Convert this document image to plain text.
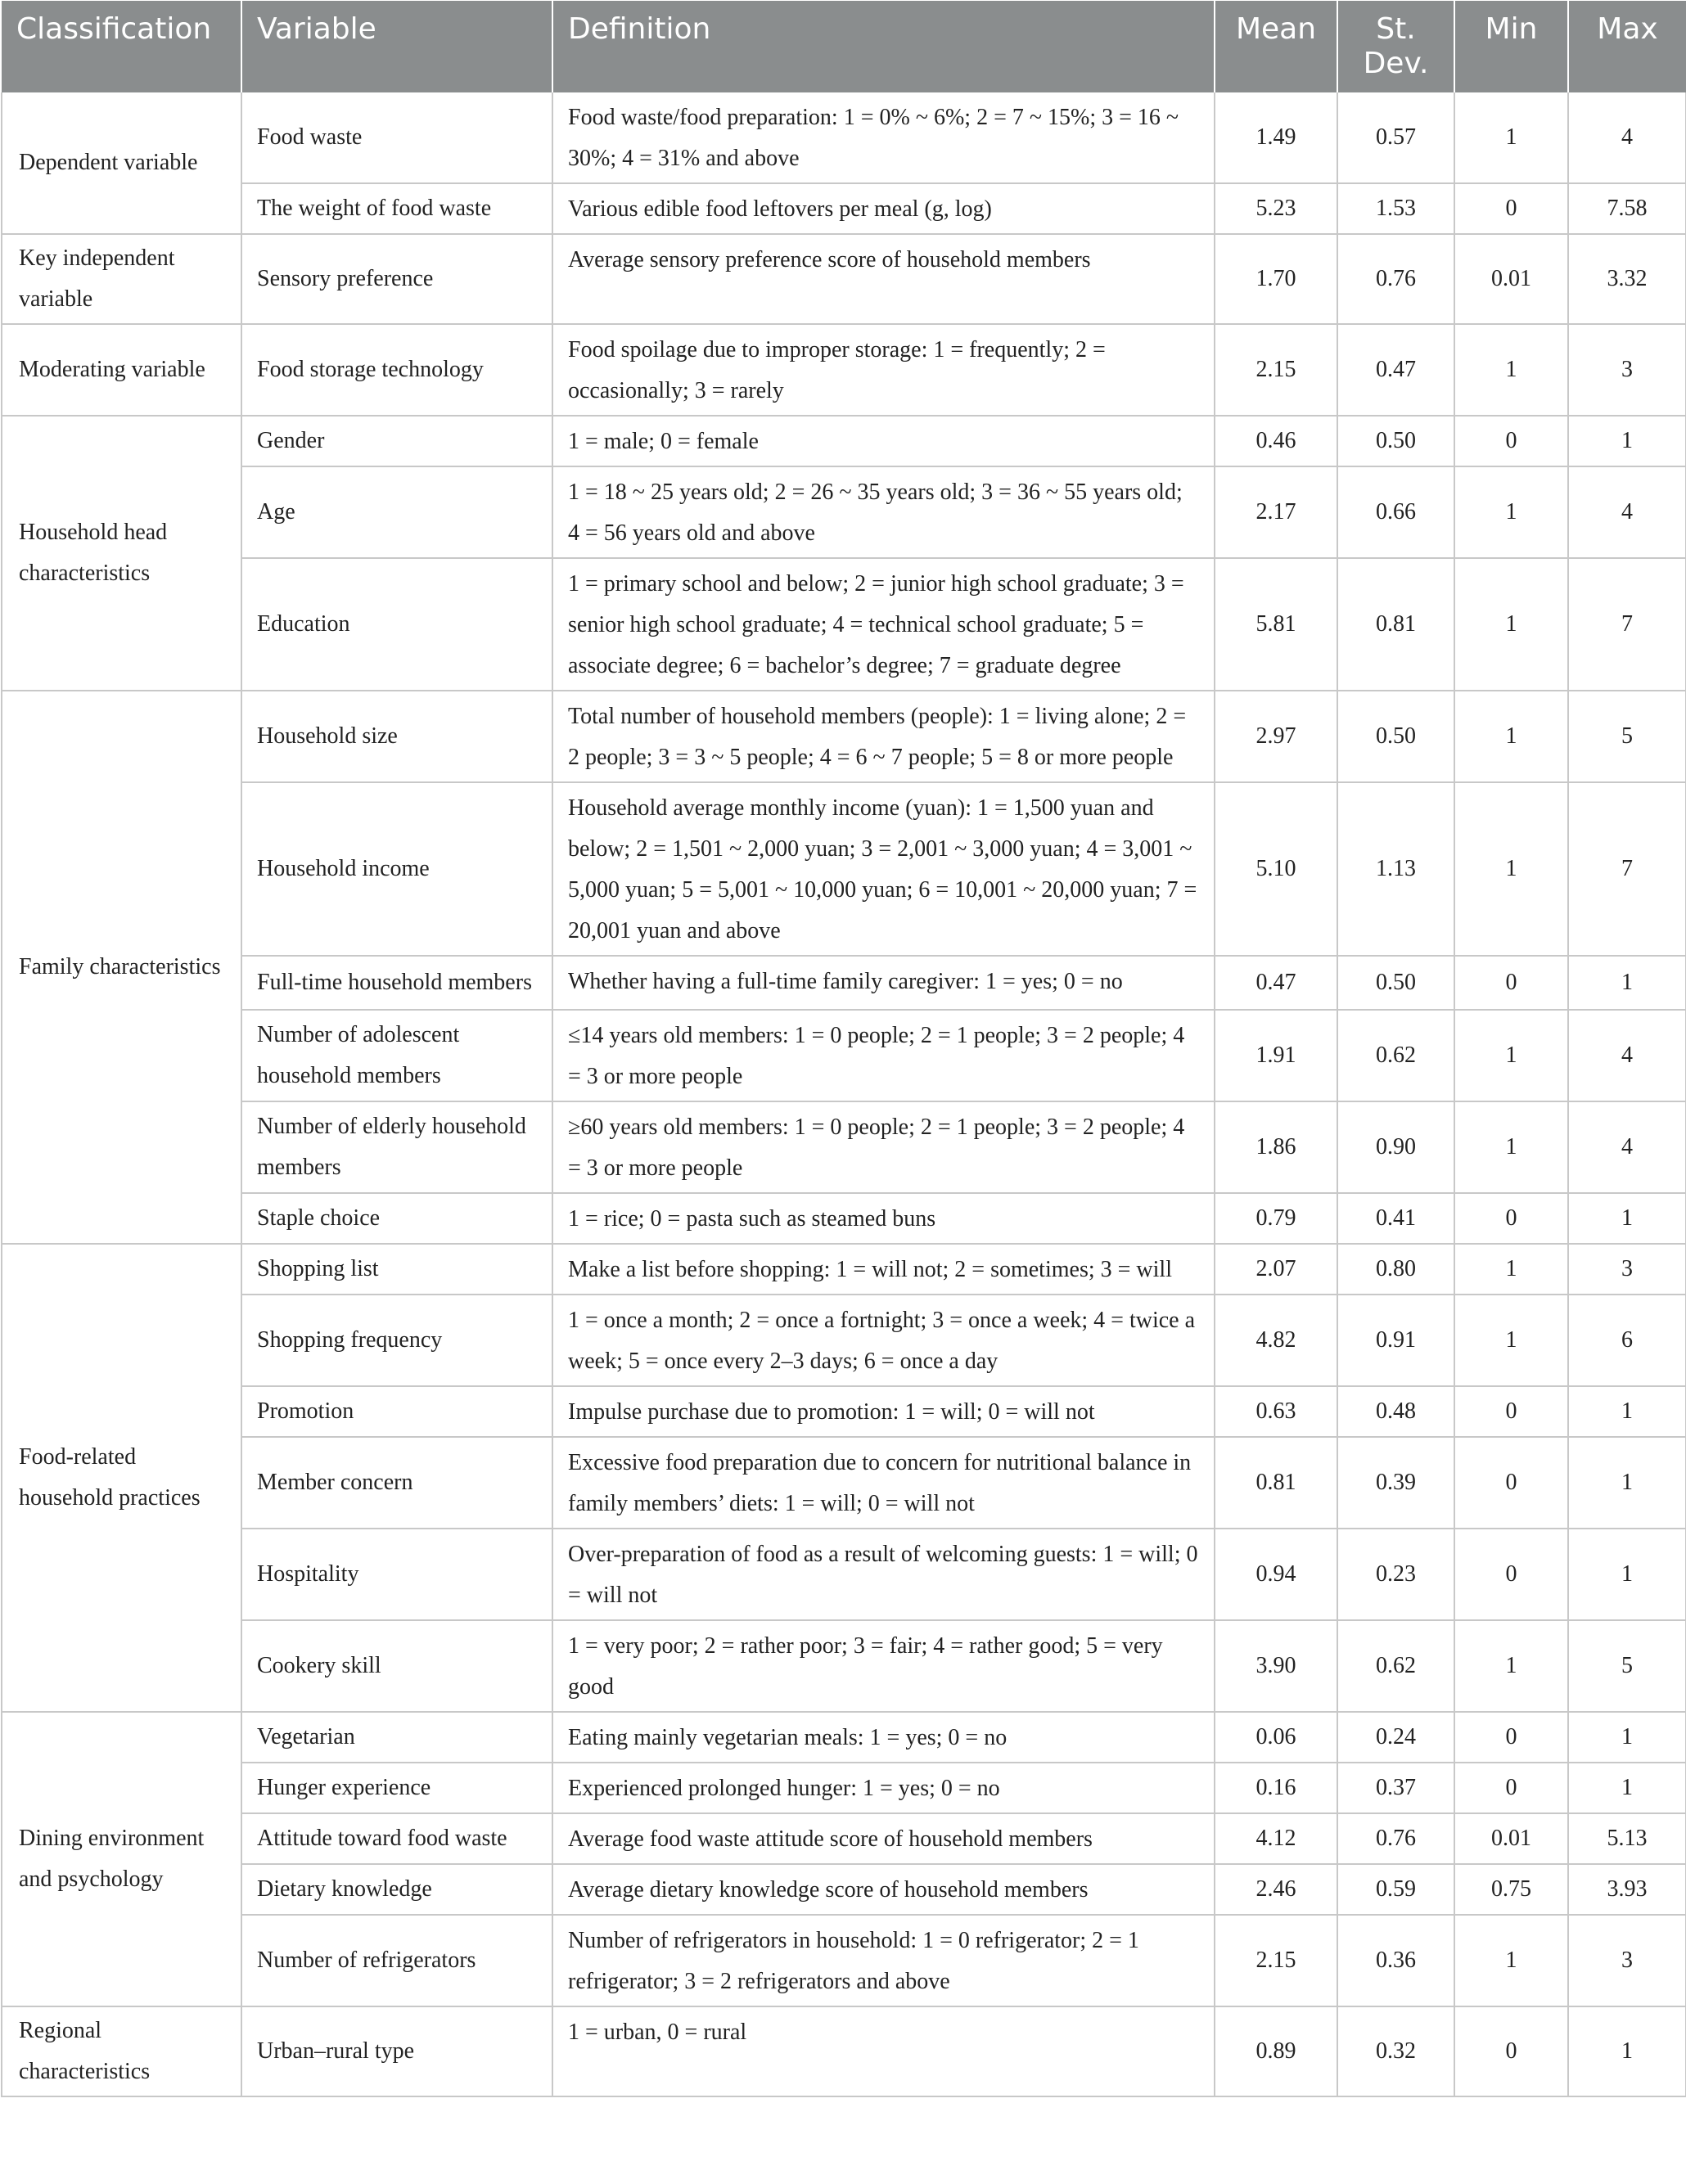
Classification	Variable	Definition	Mean	St. Dev.	Min	Max
Dependent variable	Food waste	Food waste/food preparation: 1 = 0% ~ 6%; 2 = 7 ~ 15%; 3 = 16 ~ 30%; 4 = 31% and above	1.49	0.57	1	4
	The weight of food waste	Various edible food leftovers per meal (g, log)	5.23	1.53	0	7.58
Key independent variable	Sensory preference	Average sensory preference score of household members	1.70	0.76	0.01	3.32
Moderating variable	Food storage technology	Food spoilage due to improper storage: 1 = frequently; 2 = occasionally; 3 = rarely	2.15	0.47	1	3
Household head characteristics	Gender	1 = male; 0 = female	0.46	0.50	0	1
	Age	1 = 18 ~ 25 years old; 2 = 26 ~ 35 years old; 3 = 36 ~ 55 years old; 4 = 56 years old and above	2.17	0.66	1	4
	Education	1 = primary school and below; 2 = junior high school graduate; 3 = senior high school graduate; 4 = technical school graduate; 5 = associate degree; 6 = bachelor’s degree; 7 = graduate degree	5.81	0.81	1	7
Family characteristics	Household size	Total number of household members (people): 1 = living alone; 2 = 2 people; 3 = 3 ~ 5 people; 4 = 6 ~ 7 people; 5 = 8 or more people	2.97	0.50	1	5
	Household income	Household average monthly income (yuan): 1 = 1,500 yuan and below; 2 = 1,501 ~ 2,000 yuan; 3 = 2,001 ~ 3,000 yuan; 4 = 3,001 ~ 5,000 yuan; 5 = 5,001 ~ 10,000 yuan; 6 = 10,001 ~ 20,000 yuan; 7 = 20,001 yuan and above	5.10	1.13	1	7
	Full-time household members	Whether having a full-time family caregiver: 1 = yes; 0 = no	0.47	0.50	0	1
	Number of adolescent household members	≤14 years old members: 1 = 0 people; 2 = 1 people; 3 = 2 people; 4 = 3 or more people	1.91	0.62	1	4
	Number of elderly household members	≥60 years old members: 1 = 0 people; 2 = 1 people; 3 = 2 people; 4 = 3 or more people	1.86	0.90	1	4
	Staple choice	1 = rice; 0 = pasta such as steamed buns	0.79	0.41	0	1
Food-related household practices	Shopping list	Make a list before shopping: 1 = will not; 2 = sometimes; 3 = will	2.07	0.80	1	3
	Shopping frequency	1 = once a month; 2 = once a fortnight; 3 = once a week; 4 = twice a week; 5 = once every 2–3 days; 6 = once a day	4.82	0.91	1	6
	Promotion	Impulse purchase due to promotion: 1 = will; 0 = will not	0.63	0.48	0	1
	Member concern	Excessive food preparation due to concern for nutritional balance in family members’ diets: 1 = will; 0 = will not	0.81	0.39	0	1
	Hospitality	Over-preparation of food as a result of welcoming guests: 1 = will; 0 = will not	0.94	0.23	0	1
	Cookery skill	1 = very poor; 2 = rather poor; 3 = fair; 4 = rather good; 5 = very good	3.90	0.62	1	5
Dining environment and psychology	Vegetarian	Eating mainly vegetarian meals: 1 = yes; 0 = no	0.06	0.24	0	1
	Hunger experience	Experienced prolonged hunger: 1 = yes; 0 = no	0.16	0.37	0	1
	Attitude toward food waste	Average food waste attitude score of household members	4.12	0.76	0.01	5.13
	Dietary knowledge	Average dietary knowledge score of household members	2.46	0.59	0.75	3.93
	Number of refrigerators	Number of refrigerators in household: 1 = 0 refrigerator; 2 = 1 refrigerator; 3 = 2 refrigerators and above	2.15	0.36	1	3
Regional characteristics	Urban–rural type	1 = urban, 0 = rural	0.89	0.32	0	1
